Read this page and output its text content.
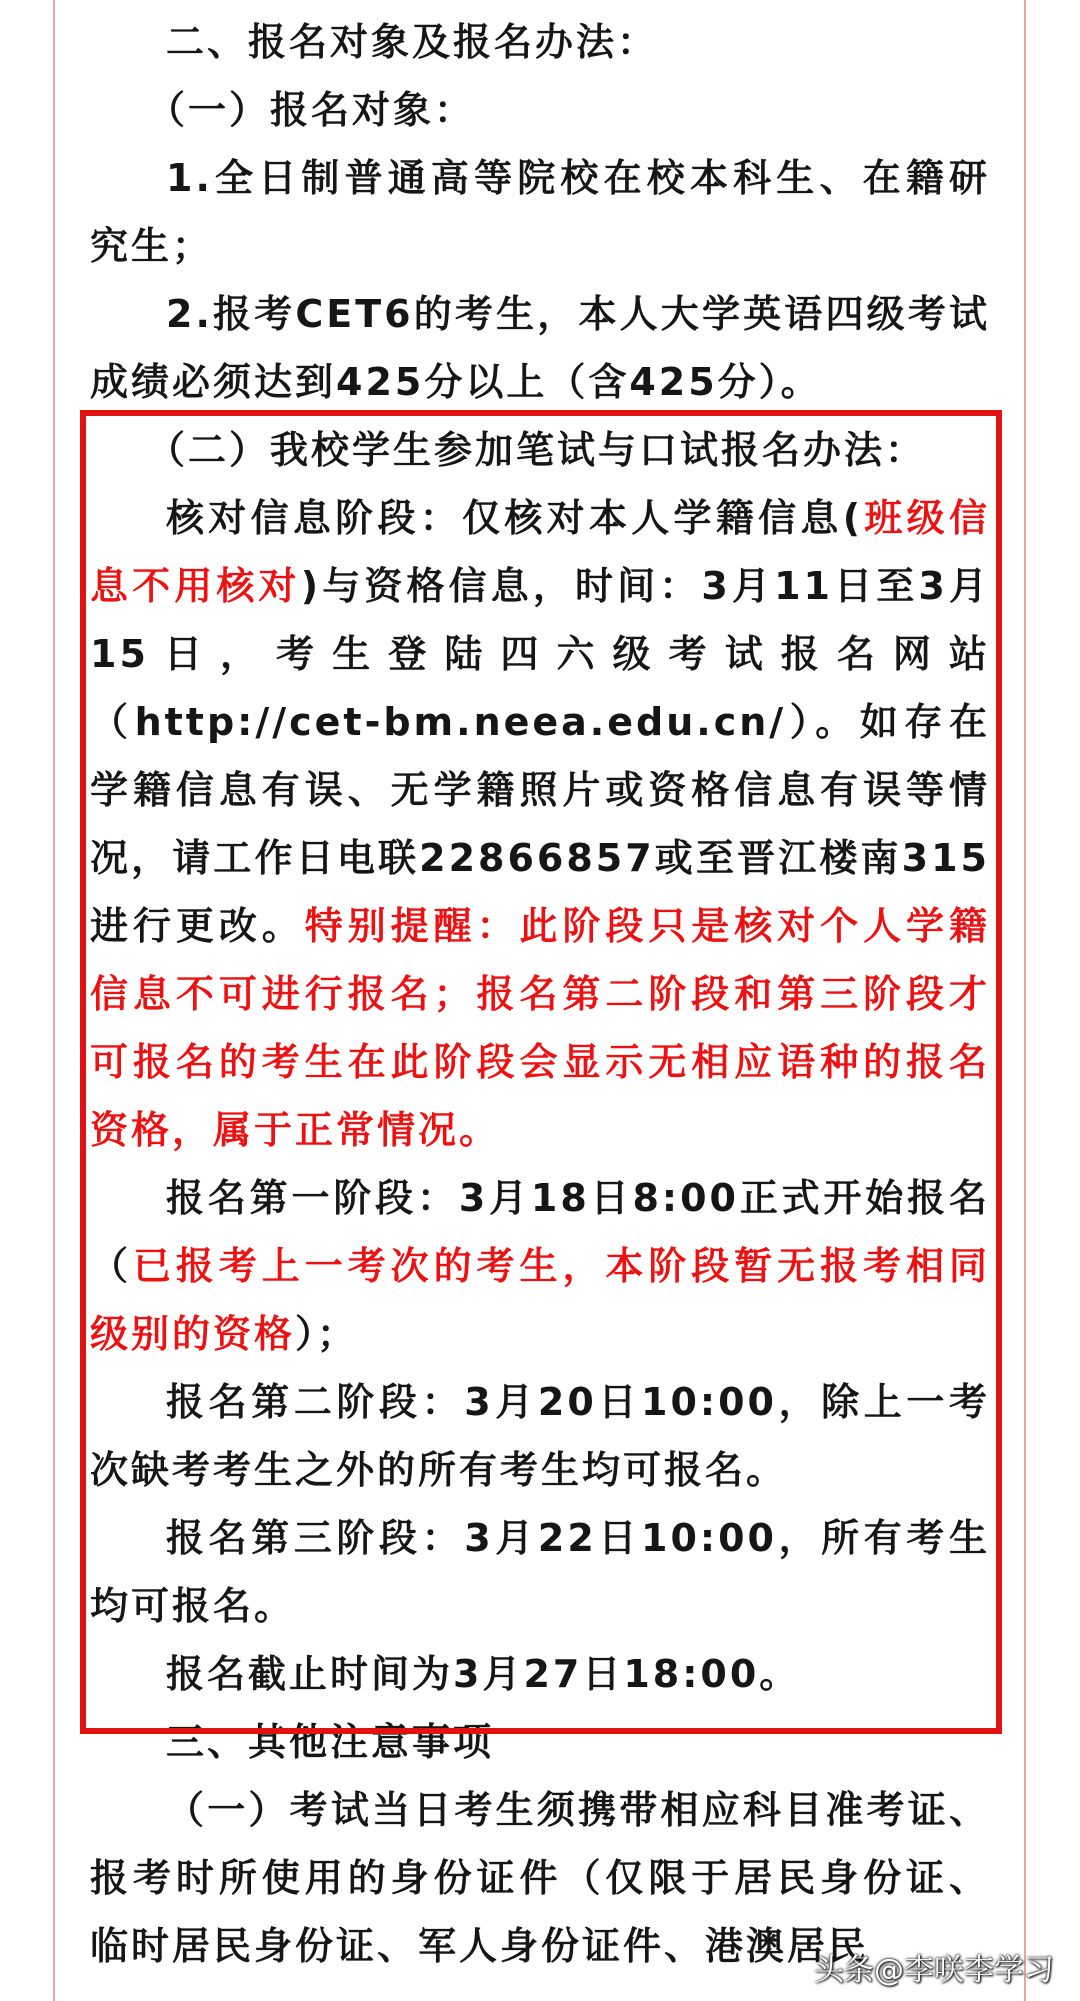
二、报名对象及报名办法：

（一）报名对象：

1.全日制普通高等院校在校本科生、在籍研究生；

2.报考CET6的考生，本人大学英语四级考试成绩必须达到425分以上（含425分）。

（二）我校学生参加笔试与口试报名办法：

核对信息阶段：仅核对本人学籍信息(班级信息不用核对)与资格信息，时间：3月11日至3月15日，考生登陆四六级考试报名网站（http://cet-bm.neea.edu.cn/）。如存在学籍信息有误、无学籍照片或资格信息有误等情况，请工作日电联22866857或至晋江楼南315进行更改。特别提醒：此阶段只是核对个人学籍信息不可进行报名；报名第二阶段和第三阶段才可报名的考生在此阶段会显示无相应语种的报名资格，属于正常情况。

报名第一阶段：3月18日8:00正式开始报名（已报考上一考次的考生，本阶段暂无报考相同级别的资格）；

报名第二阶段：3月20日10:00，除上一考次缺考考生之外的所有考生均可报名。

报名第三阶段：3月22日10:00，所有考生均可报名。

报名截止时间为3月27日18:00。

三、其他注意事项

（一）考试当日考生须携带相应科目准考证、报考时所使用的身份证件（仅限于居民身份证、临时居民身份证、军人身份证件、港澳居民

头条@李咲李学习
